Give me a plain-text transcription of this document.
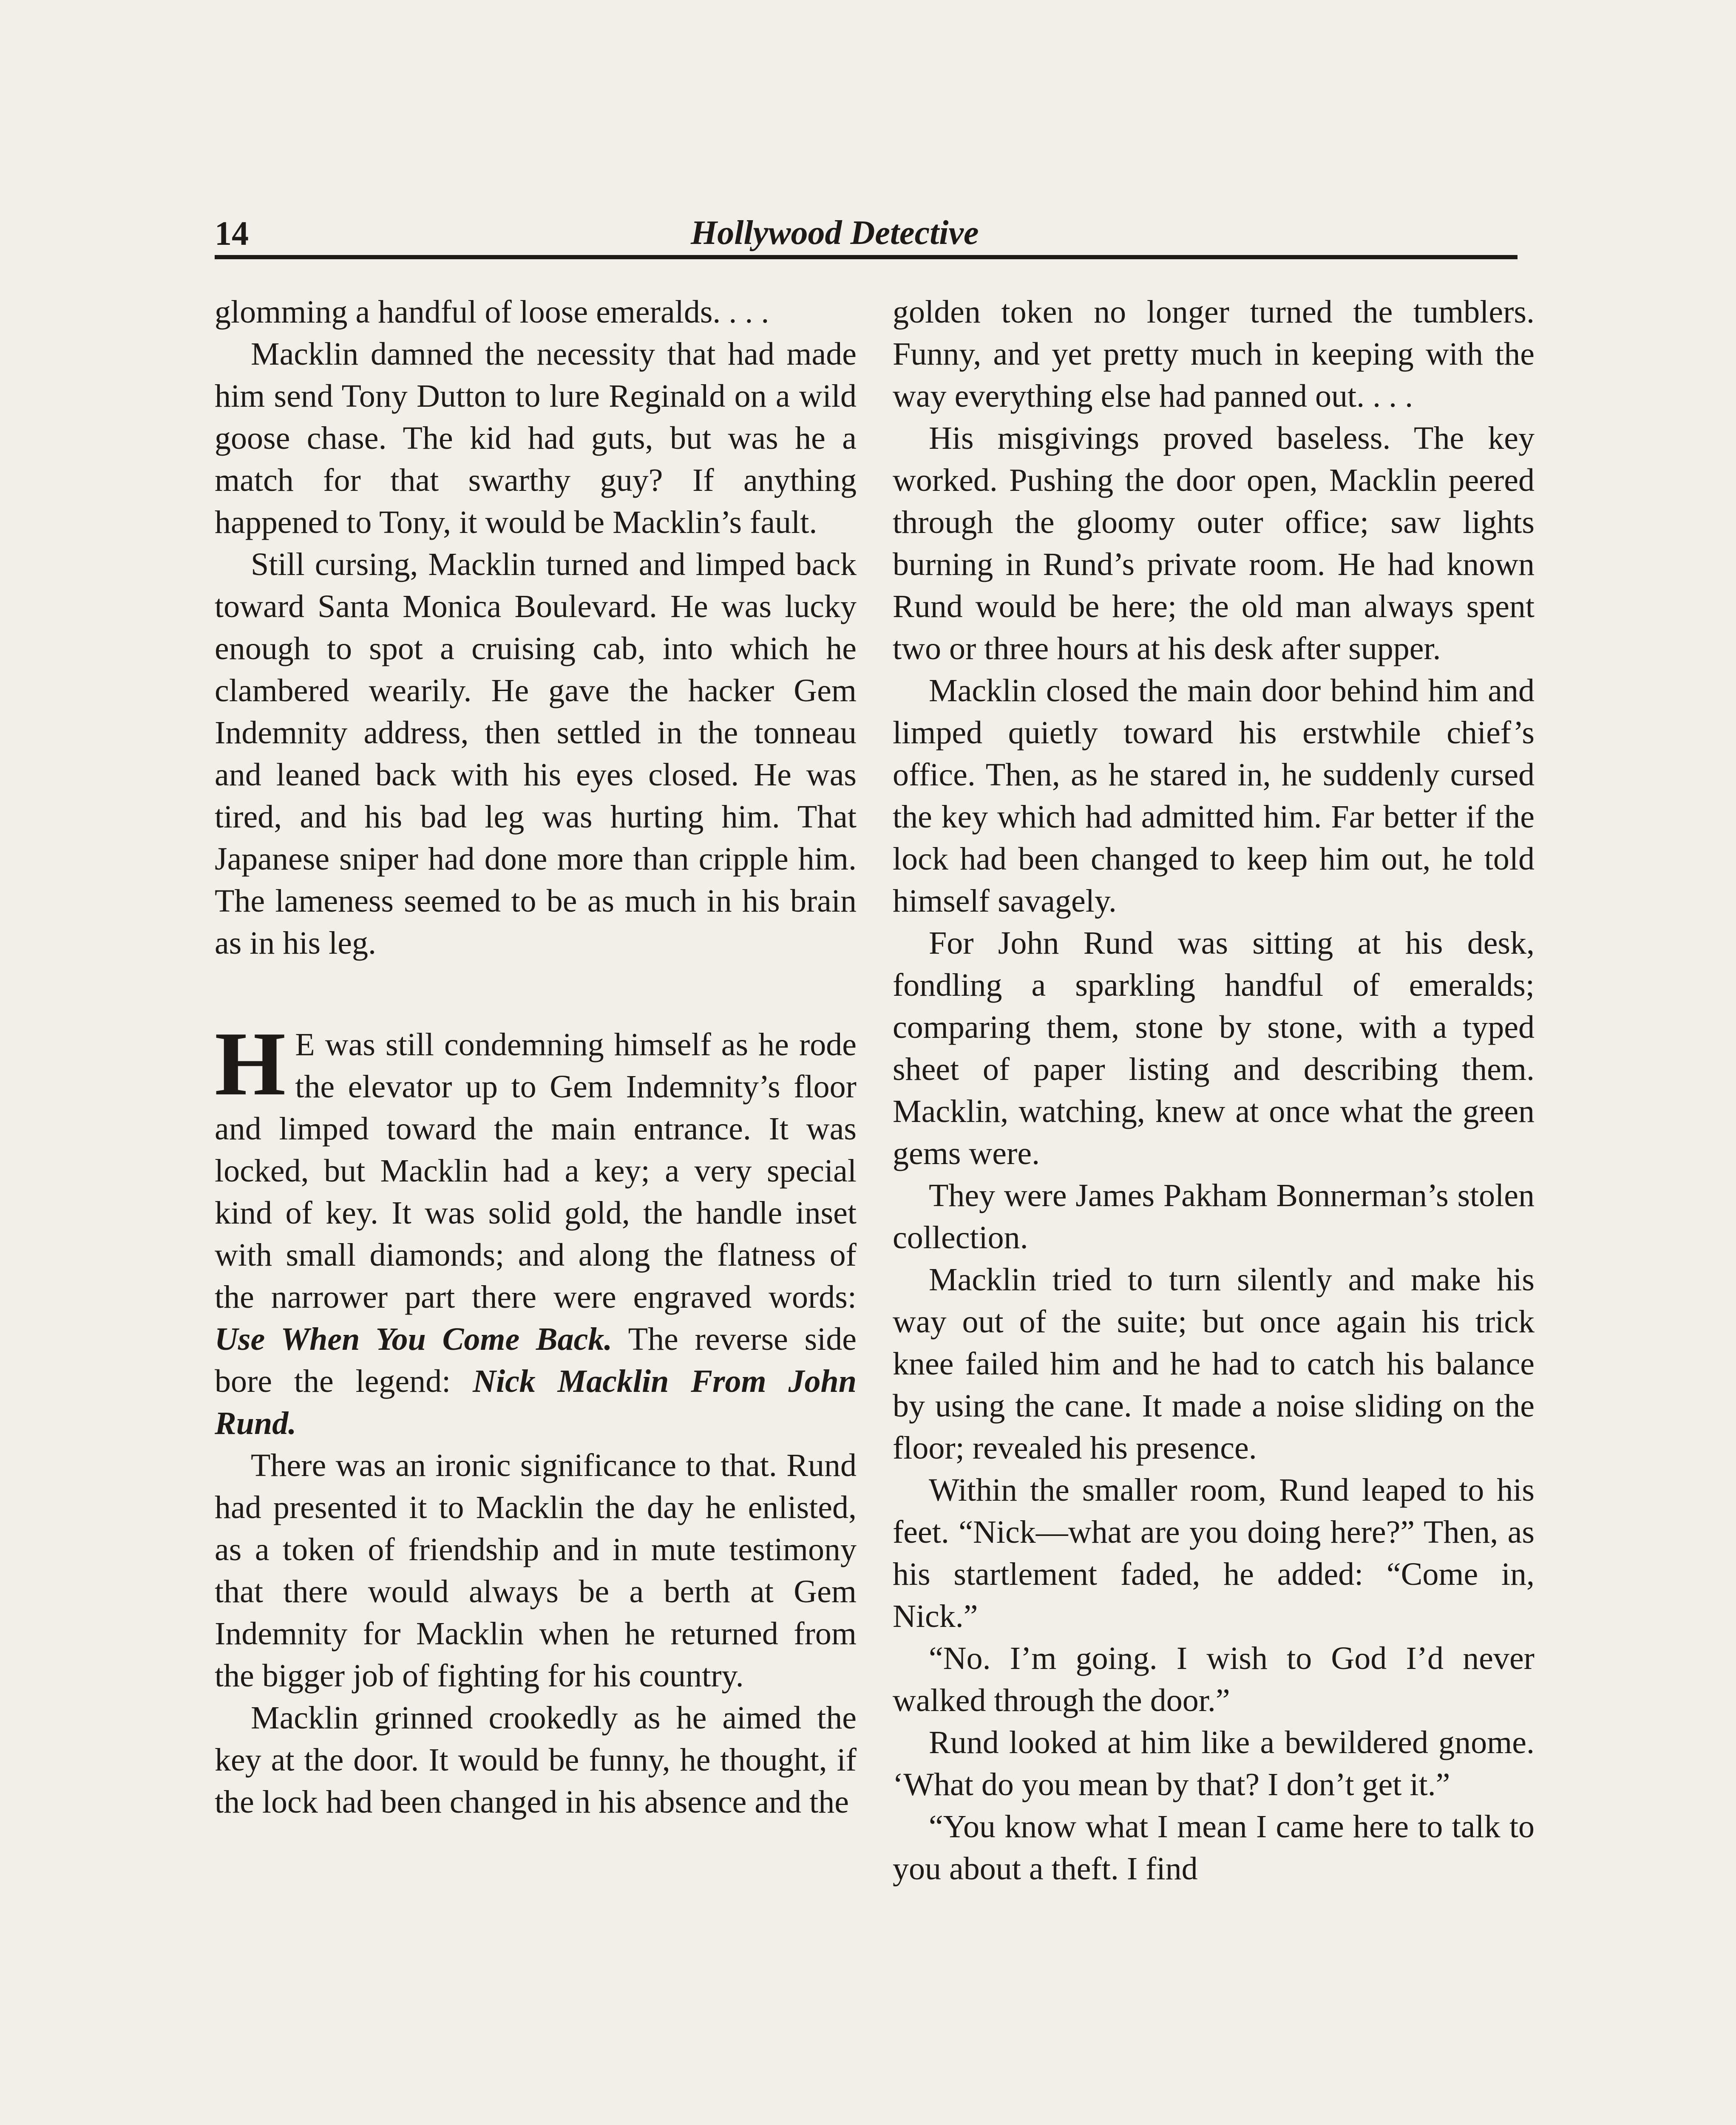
14	Hollywood Detective

glomming a handful of loose emeralds. . . .

Macklin damned the necessity that had made him send Tony Dutton to lure Reginald on a wild goose chase. The kid had guts, but was he a match for that swarthy guy? If anything happened to Tony, it would be Macklin’s fault.

Still cursing, Macklin turned and limped back toward Santa Monica Boulevard. He was lucky enough to spot a cruising cab, into which he clambered wearily. He gave the hacker Gem Indemnity address, then settled in the tonneau and leaned back with his eyes closed. He was tired, and his bad leg was hurting him. That Japanese sniper had done more than cripple him. The lameness seemed to be as much in his brain as in his leg.

H E was still condemning himself as he rode the elevator up to Gem Indemnity’s floor and limped toward the main entrance. It was locked, but Macklin had a key; a very special kind of key. It was solid gold, the handle inset with small diamonds; and along the flatness of the narrower part there were engraved words: Use When You Come Back. The reverse side bore the legend: Nick Macklin From John Rund.

There was an ironic significance to that. Rund had presented it to Macklin the day he enlisted, as a token of friendship and in mute testimony that there would always be a berth at Gem Indemnity for Macklin when he returned from the bigger job of fighting for his country.

Macklin grinned crookedly as he aimed the key at the door. It would be funny, he thought, if the lock had been changed in his absence and the

golden token no longer turned the tumblers. Funny, and yet pretty much in keeping with the way everything else had panned out. . . .

His misgivings proved baseless. The key worked. Pushing the door open, Macklin peered through the gloomy outer office; saw lights burning in Rund’s private room. He had known Rund would be here; the old man always spent two or three hours at his desk after supper.

Macklin closed the main door behind him and limped quietly toward his erstwhile chief’s office. Then, as he stared in, he suddenly cursed the key which had admitted him. Far better if the lock had been changed to keep him out, he told himself savagely.

For John Rund was sitting at his desk, fondling a sparkling handful of emeralds; comparing them, stone by stone, with a typed sheet of paper listing and describing them. Macklin, watching, knew at once what the green gems were.

They were James Pakham Bonnerman’s stolen collection.

Macklin tried to turn silently and make his way out of the suite; but once again his trick knee failed him and he had to catch his balance by using the cane. It made a noise sliding on the floor; revealed his presence.

Within the smaller room, Rund leaped to his feet. “Nick—what are you doing here?” Then, as his startlement faded, he added: “Come in, Nick.”

“No. I’m going. I wish to God I’d never walked through the door.”

Rund looked at him like a bewildered gnome. ‘What do you mean by that? I don’t get it.”

“You know what I mean I came here to talk to you about a theft. I find
